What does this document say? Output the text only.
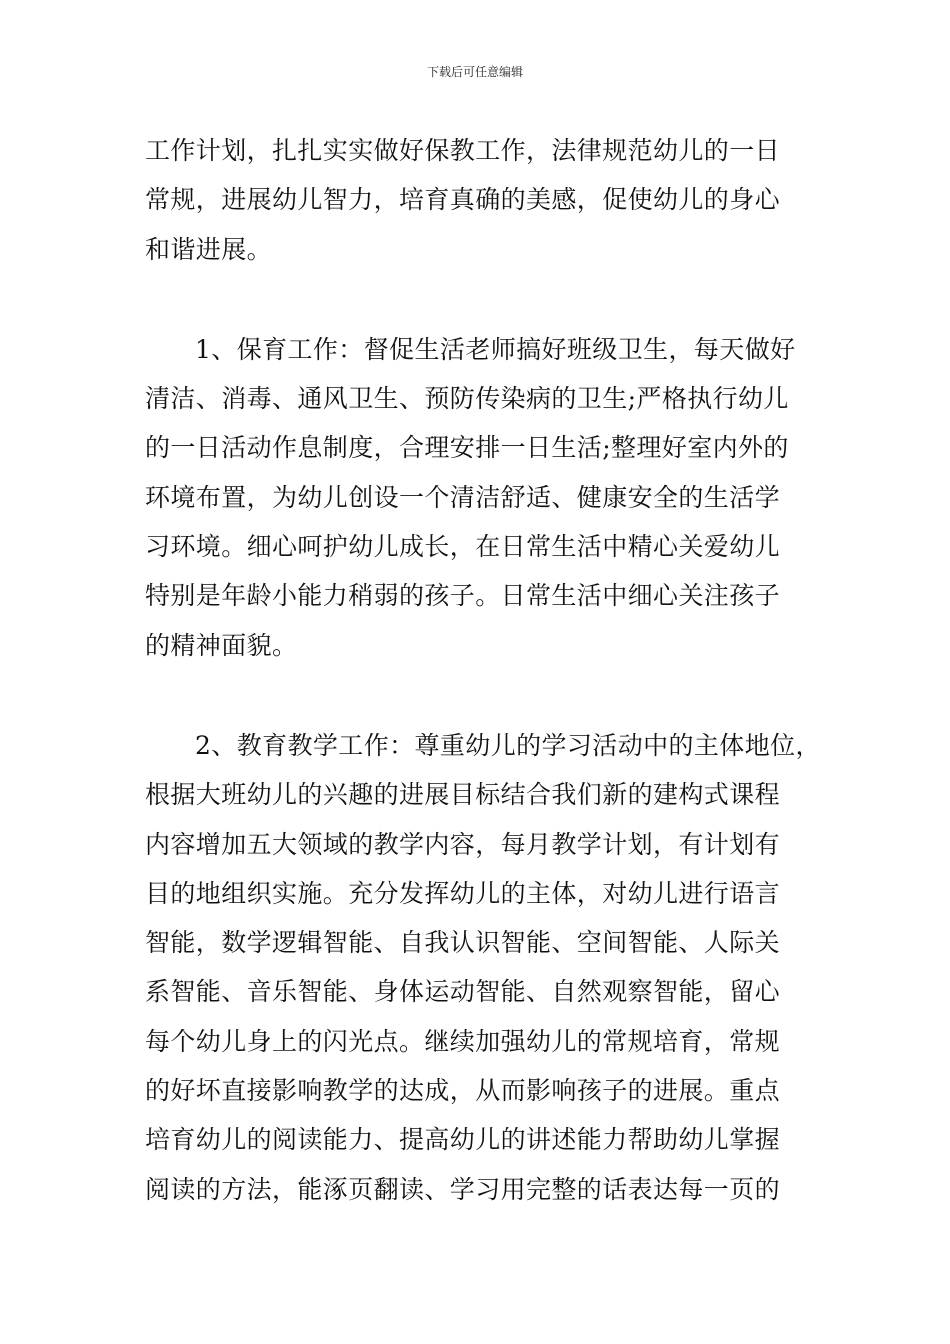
下载后可任意编辑
工作计划，扎扎实实做好保教工作，法律规范幼儿的一日
常规，进展幼儿智力，培育真确的美感，促使幼儿的身心
和谐进展。
1、保育工作：督促生活老师搞好班级卫生，每天做好
清洁、消毒、通风卫生、预防传染病的卫生;严格执行幼儿
的一日活动作息制度，合理安排一日生活;整理好室内外的
环境布置，为幼儿创设一个清洁舒适、健康安全的生活学
习环境。细心呵护幼儿成长，在日常生活中精心关爱幼儿
特别是年龄小能力稍弱的孩子。日常生活中细心关注孩子
的精神面貌。
2、教育教学工作：尊重幼儿的学习活动中的主体地位，
根据大班幼儿的兴趣的进展目标结合我们新的建构式课程
内容增加五大领域的教学内容，每月教学计划，有计划有
目的地组织实施。充分发挥幼儿的主体，对幼儿进行语言
智能，数学逻辑智能、自我认识智能、空间智能、人际关
系智能、音乐智能、身体运动智能、自然观察智能，留心
每个幼儿身上的闪光点。继续加强幼儿的常规培育，常规
的好坏直接影响教学的达成，从而影响孩子的进展。重点
培育幼儿的阅读能力、提高幼儿的讲述能力帮助幼儿掌握
阅读的方法，能涿页翻读、学习用完整的话表达每一页的
